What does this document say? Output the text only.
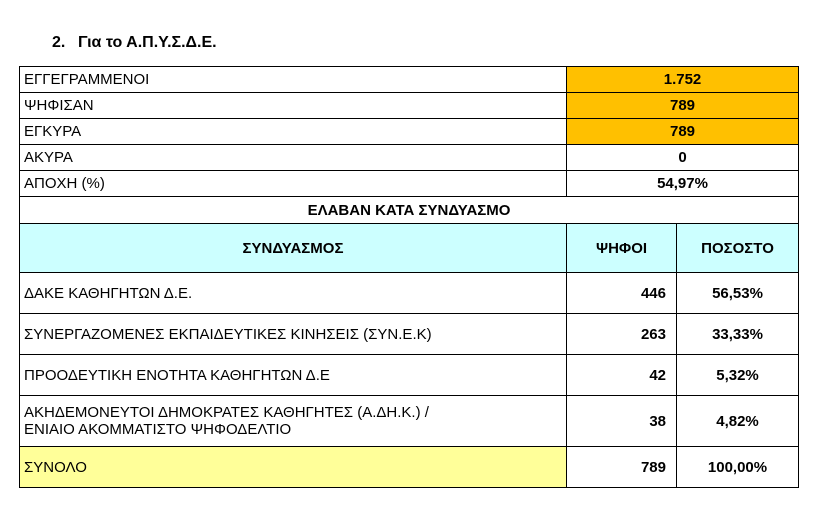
2. Για το Α.Π.Υ.Σ.Δ.Ε.
ΕΓΓΕΓΡΑΜΜΕΝΟΙ	1.752	
ΨΗΦΙΣΑΝ	789	
ΕΓΚΥΡΑ	789	
ΑΚΥΡΑ	0	
ΑΠΟΧΗ (%)	54,97%	
ΕΛΑΒΑΝ ΚΑΤΑ ΣΥΝΔΥΑΣΜΟ		
ΣΥΝΔΥΑΣΜΟΣ	ΨΗΦΟΙ	ΠΟΣΟΣΤΟ
ΔΑΚΕ ΚΑΘΗΓΗΤΩΝ Δ.Ε.	446	56,53%
ΣΥΝΕΡΓΑΖΟΜΕΝΕΣ ΕΚΠΑΙΔΕΥΤΙΚΕΣ ΚΙΝΗΣΕΙΣ (ΣΥΝ.Ε.Κ)	263	33,33%
ΠΡΟΟΔΕΥΤΙΚΗ ΕΝΟΤΗΤΑ ΚΑΘΗΓΗΤΩΝ Δ.Ε	42	5,32%

ΑΚΗΔΕΜΟΝΕΥΤΟΙ ΔΗΜΟΚΡΑΤΕΣ ΚΑΘΗΓΗΤΕΣ (Α.ΔΗ.Κ.) /
ΕΝΙΑΙΟ ΑΚΟΜΜΑΤΙΣΤΟ ΨΗΦΟΔΕΛΤΙΟ	38	4,82%
ΣΥΝΟΛΟ	789	100,00%
